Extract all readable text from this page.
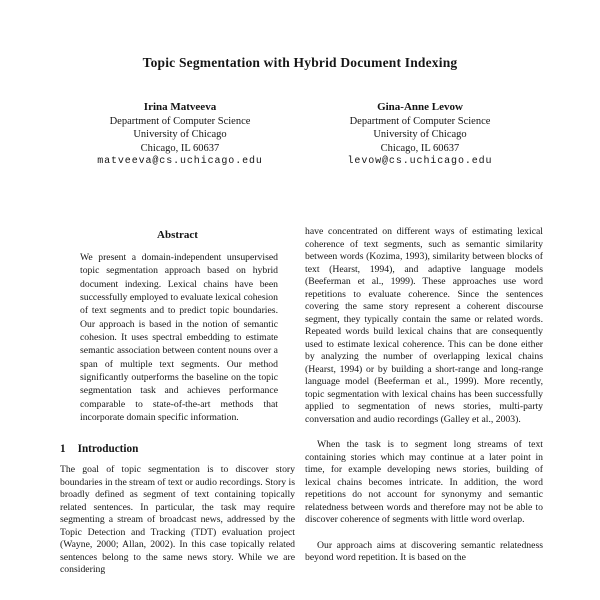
Topic Segmentation with Hybrid Document Indexing
Irina Matveeva
Department of Computer Science
University of Chicago
Chicago, IL 60637
matveeva@cs.uchicago.edu
Gina-Anne Levow
Department of Computer Science
University of Chicago
Chicago, IL 60637
levow@cs.uchicago.edu
Abstract

We present a domain-independent unsupervised topic segmentation approach based on hybrid document indexing. Lexical chains have been successfully employed to evaluate lexical cohesion of text segments and to predict topic boundaries. Our approach is based in the notion of semantic cohesion. It uses spectral embedding to estimate semantic association between content nouns over a span of multiple text segments. Our method significantly outperforms the baseline on the topic segmentation task and achieves performance comparable to state-of-the-art methods that incorporate domain specific information.

1 Introduction

The goal of topic segmentation is to discover story boundaries in the stream of text or audio recordings. Story is broadly defined as segment of text containing topically related sentences. In particular, the task may require segmenting a stream of broadcast news, addressed by the Topic Detection and Tracking (TDT) evaluation project (Wayne, 2000; Allan, 2002). In this case topically related sentences belong to the same news story. While we are considering

have concentrated on different ways of estimating lexical coherence of text segments, such as semantic similarity between words (Kozima, 1993), similarity between blocks of text (Hearst, 1994), and adaptive language models (Beeferman et al., 1999). These approaches use word repetitions to evaluate coherence. Since the sentences covering the same story represent a coherent discourse segment, they typically contain the same or related words. Repeated words build lexical chains that are consequently used to estimate lexical coherence. This can be done either by analyzing the number of overlapping lexical chains (Hearst, 1994) or by building a short-range and long-range language model (Beeferman et al., 1999). More recently, topic segmentation with lexical chains has been successfully applied to segmentation of news stories, multi-party conversation and audio recordings (Galley et al., 2003).

When the task is to segment long streams of text containing stories which may continue at a later point in time, for example developing news stories, building of lexical chains becomes intricate. In addition, the word repetitions do not account for synonymy and semantic relatedness between words and therefore may not be able to discover coherence of segments with little word overlap.

Our approach aims at discovering semantic relatedness beyond word repetition. It is based on the
